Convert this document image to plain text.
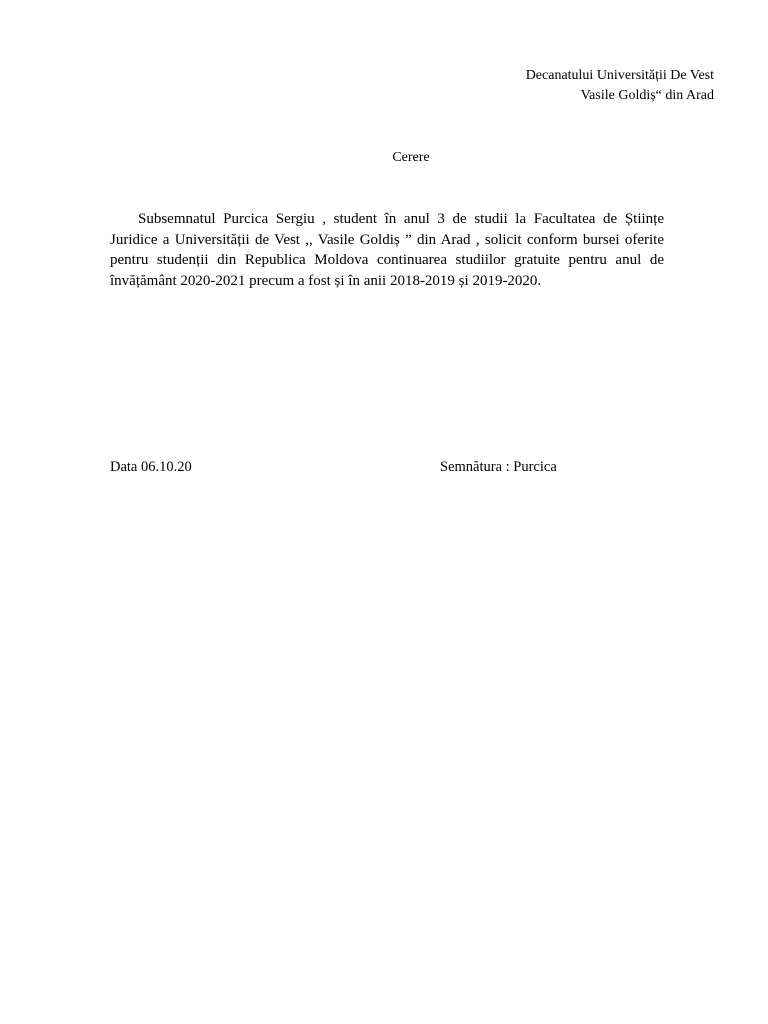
Decanatului Universității De Vest
Vasile Goldiș“ din Arad
Cerere

Subsemnatul Purcica Sergiu , student în anul 3 de studii la Facultatea de Științe Juridice a Universității de Vest ,, Vasile Goldiș ” din Arad , solicit conform bursei oferite pentru studenții din Republica Moldova continuarea studiilor gratuite pentru anul de învățământ 2020-2021 precum a fost și în anii 2018-2019 și 2019-2020.

Data 06.10.20	Semnătura : Purcica
